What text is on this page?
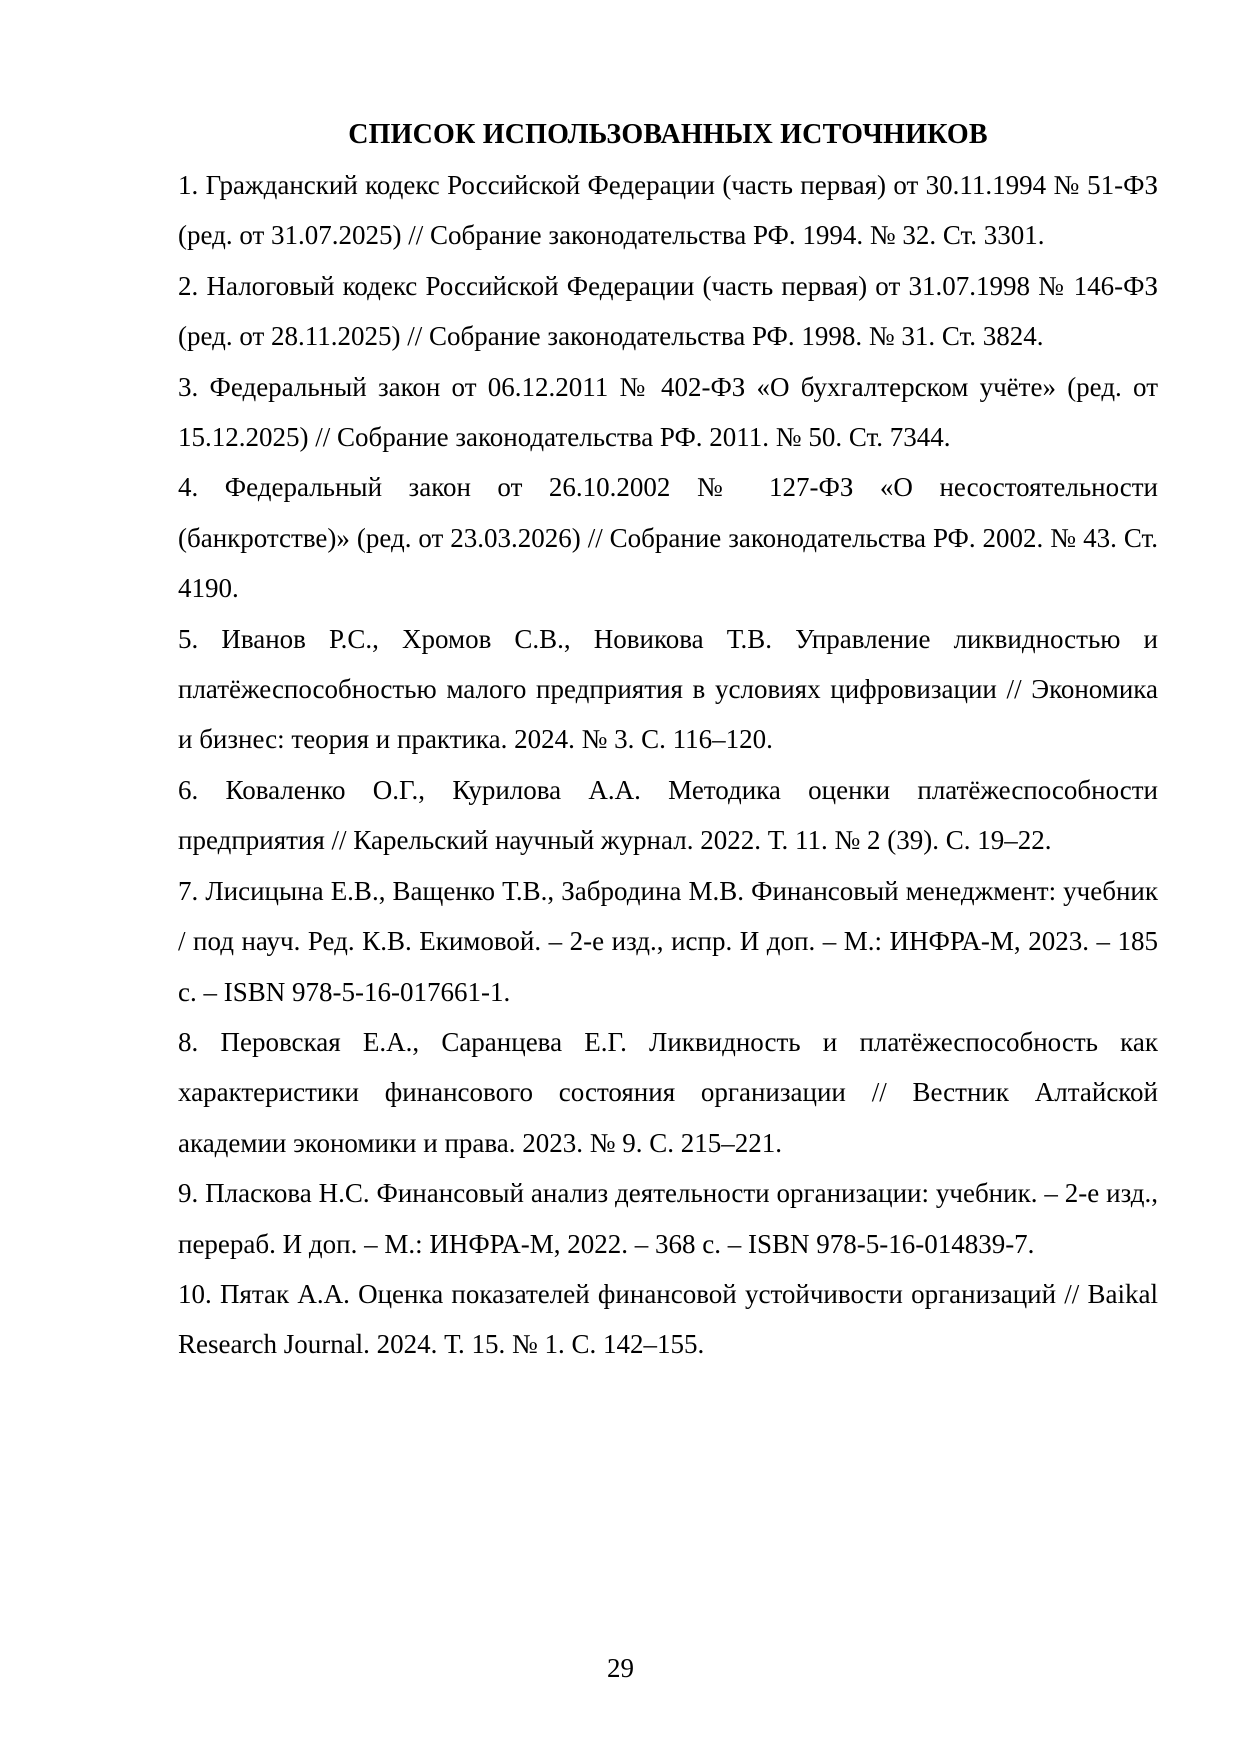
СПИСОК ИСПОЛЬЗОВАННЫХ ИСТОЧНИКОВ
1. Гражданский кодекс Российской Федерации (часть первая) от 30.11.1994 № 51-ФЗ (ред. от 31.07.2025) // Собрание законодательства РФ. 1994. № 32. Ст. 3301.
2. Налоговый кодекс Российской Федерации (часть первая) от 31.07.1998 № 146-ФЗ (ред. от 28.11.2025) // Собрание законодательства РФ. 1998. № 31. Ст. 3824.
3. Федеральный закон от 06.12.2011 № 402-ФЗ «О бухгалтерском учёте» (ред. от 15.12.2025) // Собрание законодательства РФ. 2011. № 50. Ст. 7344.
4. Федеральный закон от 26.10.2002 № 127-ФЗ «О несостоятельности (банкротстве)» (ред. от 23.03.2026) // Собрание законодательства РФ. 2002. № 43. Ст. 4190.
5. Иванов Р.С., Хромов С.В., Новикова Т.В. Управление ликвидностью и платёжеспособностью малого предприятия в условиях цифровизации // Экономика и бизнес: теория и практика. 2024. № 3. С. 116–120.
6. Коваленко О.Г., Курилова А.А. Методика оценки платёжеспособности предприятия // Карельский научный журнал. 2022. Т. 11. № 2 (39). С. 19–22.
7. Лисицына Е.В., Ващенко Т.В., Забродина М.В. Финансовый менеджмент: учебник / под науч. Ред. К.В. Екимовой. – 2-е изд., испр. И доп. – М.: ИНФРА-М, 2023. – 185 с. – ISBN 978-5-16-017661-1.
8. Перовская Е.А., Саранцева Е.Г. Ликвидность и платёжеспособность как характеристики финансового состояния организации // Вестник Алтайской академии экономики и права. 2023. № 9. С. 215–221.
9. Пласкова Н.С. Финансовый анализ деятельности организации: учебник. – 2-е изд., перераб. И доп. – М.: ИНФРА-М, 2022. – 368 с. – ISBN 978-5-16-014839-7.
10. Пятак А.А. Оценка показателей финансовой устойчивости организаций // Baikal Research Journal. 2024. Т. 15. № 1. С. 142–155.
29
